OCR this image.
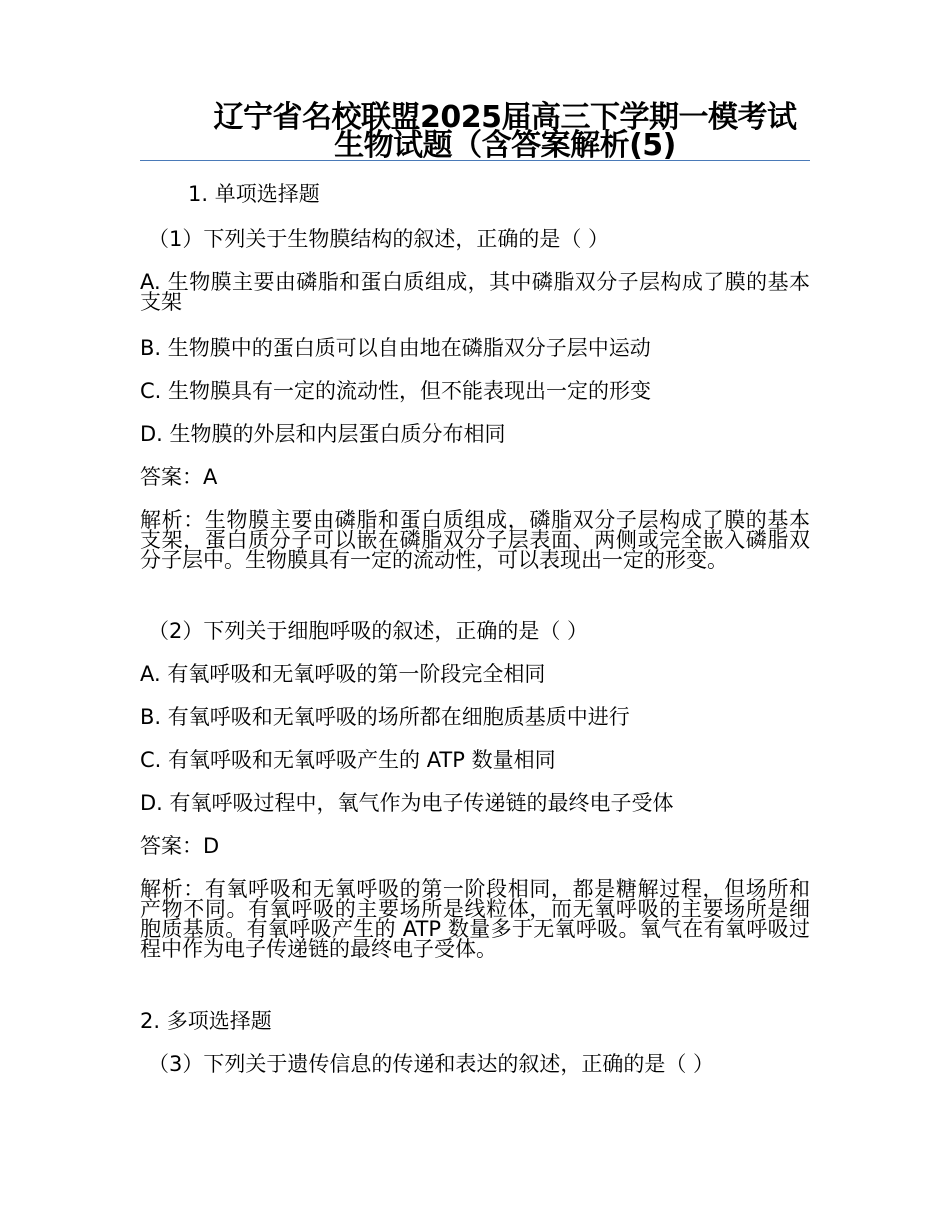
辽宁省名校联盟2025届高三下学期一模考试生物试题（含答案解析(5)

1. 单项选择题

（1）下列关于生物膜结构的叙述，正确的是（ ）

A. 生物膜主要由磷脂和蛋白质组成，其中磷脂双分子层构成了膜的基本支架

B. 生物膜中的蛋白质可以自由地在磷脂双分子层中运动

C. 生物膜具有一定的流动性，但不能表现出一定的形变

D. 生物膜的外层和内层蛋白质分布相同

答案：A

解析：生物膜主要由磷脂和蛋白质组成，磷脂双分子层构成了膜的基本支架，蛋白质分子可以嵌在磷脂双分子层表面、两侧或完全嵌入磷脂双分子层中。生物膜具有一定的流动性，可以表现出一定的形变。

（2）下列关于细胞呼吸的叙述，正确的是（ ）

A. 有氧呼吸和无氧呼吸的第一阶段完全相同

B. 有氧呼吸和无氧呼吸的场所都在细胞质基质中进行

C. 有氧呼吸和无氧呼吸产生的 ATP 数量相同

D. 有氧呼吸过程中，氧气作为电子传递链的最终电子受体

答案：D

解析：有氧呼吸和无氧呼吸的第一阶段相同，都是糖解过程，但场所和产物不同。有氧呼吸的主要场所是线粒体，而无氧呼吸的主要场所是细胞质基质。有氧呼吸产生的 ATP 数量多于无氧呼吸。氧气在有氧呼吸过程中作为电子传递链的最终电子受体。

2. 多项选择题

（3）下列关于遗传信息的传递和表达的叙述，正确的是（ ）
